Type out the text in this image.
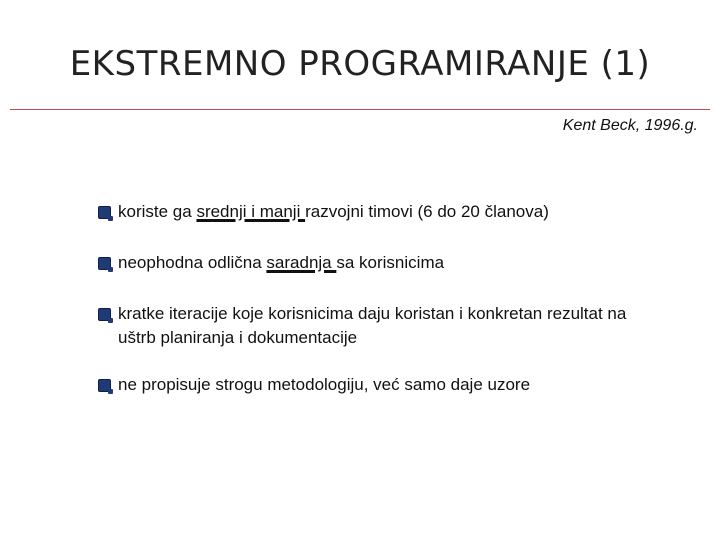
EKSTREMNO PROGRAMIRANJE (1)
Kent Beck, 1996.g.
koriste ga srednji i manji razvojni timovi (6 do 20 članova)
neophodna odlična saradnja sa korisnicima
kratke iteracije koje korisnicima daju koristan i konkretan rezultat na uštrb planiranja i dokumentacije
ne propisuje strogu metodologiju, već samo daje uzore
